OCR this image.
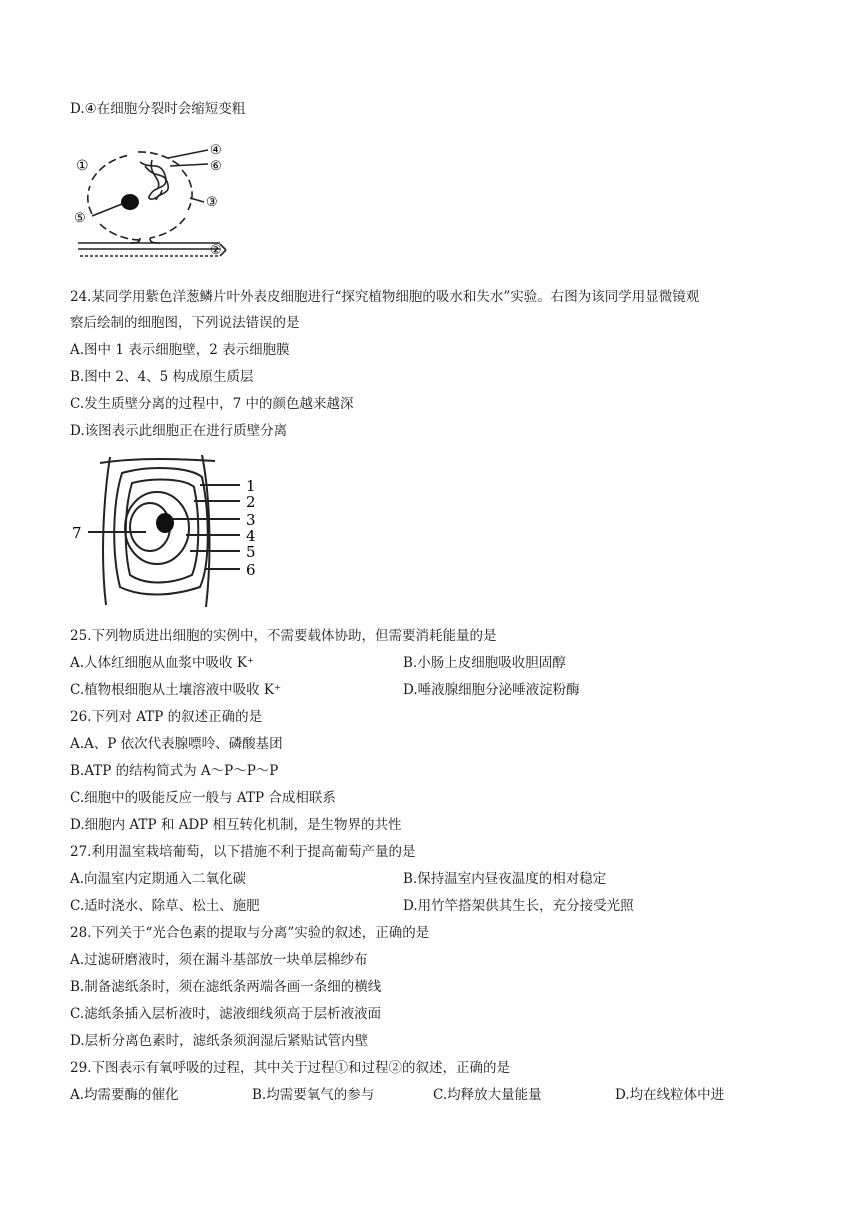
D.④在细胞分裂时会缩短变粗
①
④
⑥
③
⑤
②
24.某同学用紫色洋葱鳞片叶外表皮细胞进行“探究植物细胞的吸水和失水”实验。右图为该同学用显微镜观
察后绘制的细胞图，下列说法错误的是
A.图中 1 表示细胞壁，2 表示细胞膜
B.图中 2、4、5 构成原生质层
C.发生质壁分离的过程中，7 中的颜色越来越深
D.该图表示此细胞正在进行质壁分离
1
2
3
4
5
6
7
25.下列物质进出细胞的实例中，不需要载体协助，但需要消耗能量的是
A.人体红细胞从血浆中吸收 K⁺	B.小肠上皮细胞吸收胆固醇
C.植物根细胞从土壤溶液中吸收 K⁺	D.唾液腺细胞分泌唾液淀粉酶
26.下列对 ATP 的叙述正确的是
A.A、P 依次代表腺嘌呤、磷酸基团
B.ATP 的结构简式为 A～P～P～P
C.细胞中的吸能反应一般与 ATP 合成相联系
D.细胞内 ATP 和 ADP 相互转化机制，是生物界的共性
27.利用温室栽培葡萄，以下措施不利于提高葡萄产量的是
A.向温室内定期通入二氧化碳	B.保持温室内昼夜温度的相对稳定
C.适时浇水、除草、松土、施肥	D.用竹竿搭架供其生长，充分接受光照
28.下列关于“光合色素的提取与分离”实验的叙述，正确的是
A.过滤研磨液时，须在漏斗基部放一块单层棉纱布
B.制备滤纸条时，须在滤纸条两端各画一条细的横线
C.滤纸条插入层析液时，滤液细线须高于层析液液面
D.层析分离色素时，滤纸条须润湿后紧贴试管内壁
29.下图表示有氧呼吸的过程，其中关于过程①和过程②的叙述，正确的是
A.均需要酶的催化	B.均需要氧气的参与	C.均释放大量能量	D.均在线粒体中进
